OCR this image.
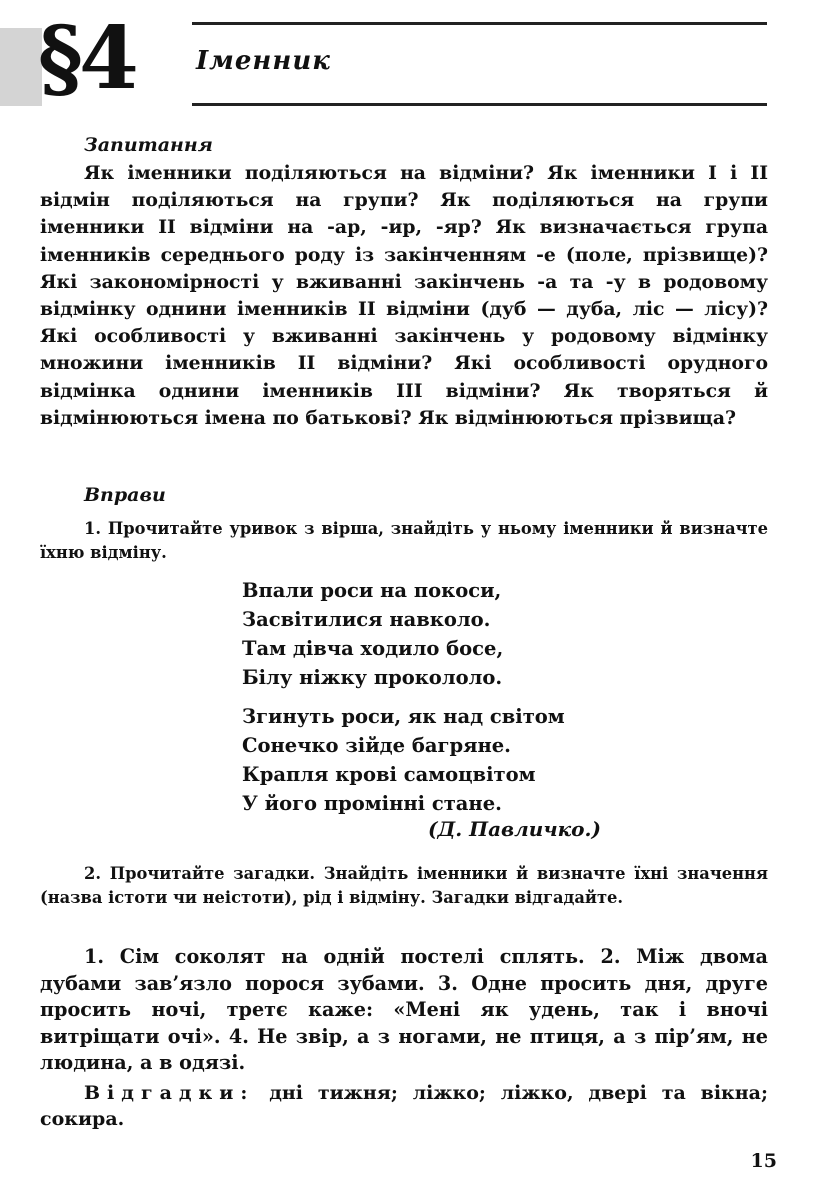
§4 Іменник
Запитання

Як іменники поділяються на відміни? Як іменники I і II відмін поділяються на групи? Як поділяються на групи іменники II відміни на -ар, -ир, -яр? Як визначається група іменників середнього роду із закінченням -е (поле, прізвище)? Які закономірності у вживанні закінчень -а та -у в родовому відмінку однини іменників II відміни (дуб — дуба, ліс — лісу)? Які особливості у вживанні закінчень у родовому відмінку множини іменників II відміни? Які особливості орудного відмінка однини іменників III відміни? Як творяться й відмінюються імена по батькові? Як відмінюються прізвища?

Вправи

1. Прочитайте уривок з вірша, знайдіть у ньому іменники й визначте їхню відміну.

Впали роси на покоси,
Засвітилися навколо.
Там дівча ходило босе,
Білу ніжку прокололо.
Згинуть роси, як над світом
Сонечко зійде багряне.
Крапля крові самоцвітом
У його промінні стане.
(Д. Павличко.)

2. Прочитайте загадки. Знайдіть іменники й визначте їхні значення (назва істоти чи неістоти), рід і відміну. Загадки відгадайте.

1. Сім соколят на одній постелі сплять. 2. Між двома дубами зав’язло порося зубами. 3. Одне просить дня, друге просить ночі, третє каже: «Мені як удень, так і вночі витріщати очі». 4. Не звір, а з ногами, не птиця, а з пір’ям, не людина, а в одязі.

Відгадки: дні тижня; ліжко; ліжко, двері та вікна; сокира.

15
